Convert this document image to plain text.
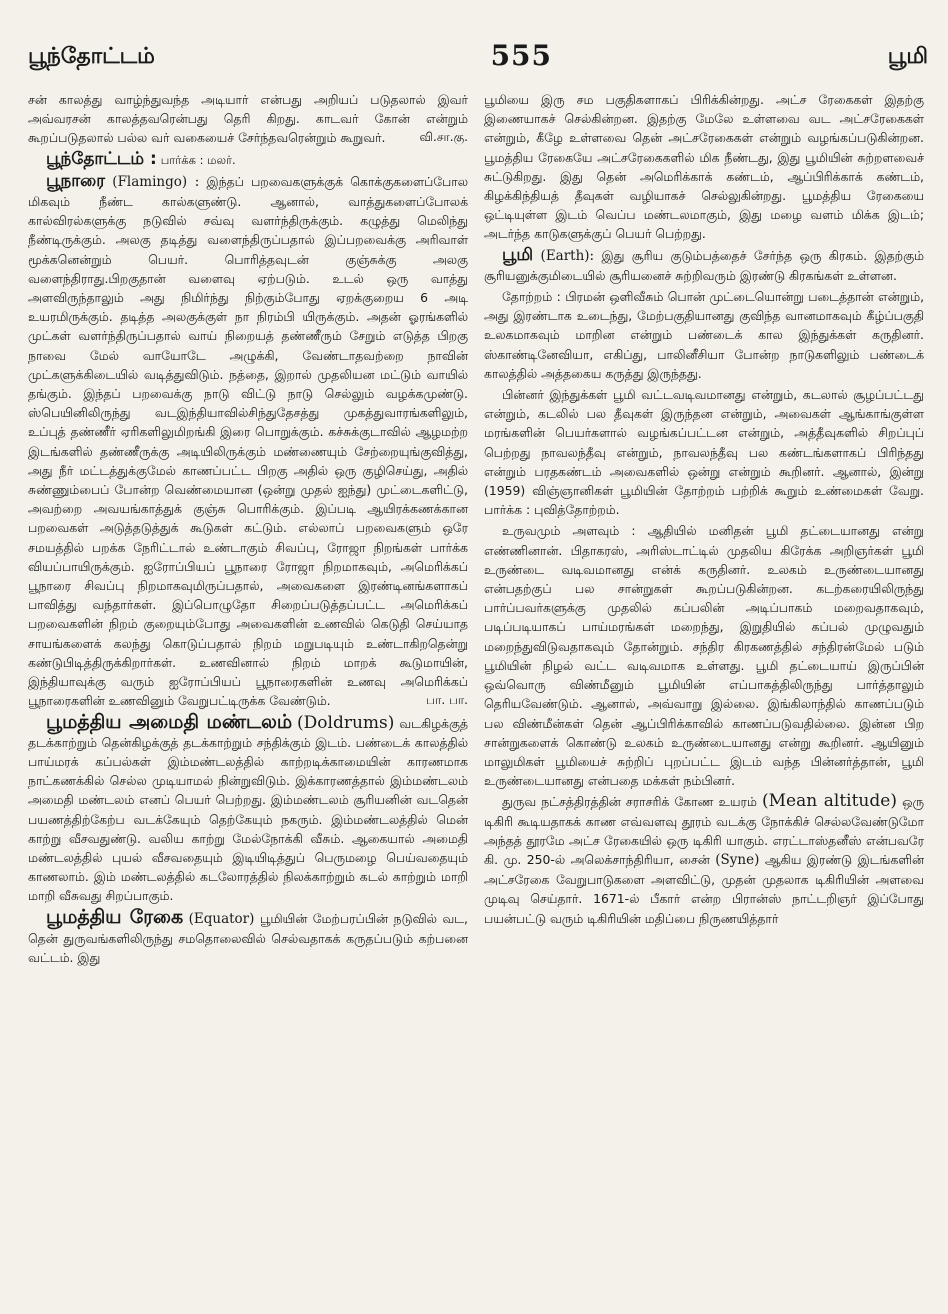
பூந்தோட்டம்	555	பூமி

சன் காலத்து வாழ்ந்துவந்த அடியார் என்பது அறியப் படுதலால் இவர் அவ்வரசன் காலத்தவரென்பது தெரி கிறது. காடவர் கோன் என்றும் கூறப்படுதலால் பல்ல வர் வகையைச் சேர்ந்தவரென்றும் கூறுவர்.	வி.சா.கு.

பூந்தோட்டம் : பார்க்க : மலர்.

பூநாரை (Flamingo) : இந்தப் பறவைகளுக்குக் கொக்குகளைப்போல மிகவும் நீண்ட கால்களுண்டு. ஆனால், வாத்துகளைப்போலக் கால்விரல்களுக்கு நடுவில் சவ்வு வளர்ந்திருக்கும். கழுத்து மெலிந்து நீண்டிருக்கும். அலகு தடித்து வளைந்திருப்பதால் இப்பறவைக்கு அரிவாள் மூக்கனென்றும் பெயர். பொரித்தவுடன் குஞ்சுக்கு அலகு வளைந்திராது.பிறகுதான் வளைவு ஏற்படும். உடல் ஒரு வாத்து அளவிருந்தாலும் அது நிமிர்ந்து நிற்கும்போது ஏறக்குறைய 6 அடி உயரமிருக்கும். தடித்த அலகுக்குள் நா நிரம்பி யிருக்கும். அதன் ஓரங்களில் முட்கள் வளர்ந்திருப்பதால் வாய் நிறையத் தண்ணீரும் சேறும் எடுத்த பிறகு நாவை மேல் வாயோடே அழுக்கி, வேண்டாதவற்றை நாவின் முட்களுக்கிடையில் வடித்துவிடும். நத்தை, இறால் முதலியன மட்டும் வாயில் தங்கும். இந்தப் பறவைக்கு நாடு விட்டு நாடு செல்லும் வழக்கமுண்டு. ஸ்பெயினிலிருந்து வடஇந்தியாவில்சிந்துதேசத்து முகத்துவாரங்களிலும், உப்புத் தண்ணீர் ஏரிகளிலுமிறங்கி இரை பொறுக்கும். கச்சுக்குடாவில் ஆழமற்ற இடங்களில் தண்ணீருக்கு அடியிலிருக்கும் மண்ணையும் சேற்றையுங்குவித்து, அது நீர் மட்டத்துக்குமேல் காணப்பட்ட பிறகு அதில் ஒரு குழிசெய்து, அதில் சுண்ணும்பைப் போன்ற வெண்மையான (ஒன்று முதல் ஐந்து) முட்டைகளிட்டு, அவற்றை அவயங்காத்துக் குஞ்சு பொரிக்கும். இப்படி ஆயிரக்கணக்கான பறவைகள் அடுத்தடுத்துக் கூடுகள் கட்டும். எல்லாப் பறவைகளும் ஒரே சமயத்தில் பறக்க நேரிட்டால் உண்டாகும் சிவப்பு, ரோஜா நிறங்கள் பார்க்க வியப்பாயிருக்கும். ஐரோப்பியப் பூநாரை ரோஜா நிறமாகவும், அமெரிக்கப் பூநாரை சிவப்பு நிறமாகவுமிருப்பதால், அவைகளை இரண்டினங்களாகப் பாவித்து வந்தார்கள். இப்பொழுதோ சிறைப்படுத்தப்பட்ட அமெரிக்கப் பறவைகளின் நிறம் குறையும்போது அவைகளின் உணவில் கெடுதி செய்யாத சாயங்களைக் கலந்து கொடுப்பதால் நிறம் மறுபடியும் உண்டாகிறதென்று கண்டுபிடித்திருக்கிறார்கள். உணவினால் நிறம் மாறக் கூடுமாயின், இந்தியாவுக்கு வரும் ஐரோப்பியப் பூநாரைகளின் உணவு அமெரிக்கப் பூநாரைகளின் உணவினும் வேறுபட்டிருக்க வேண்டும்.	பா. பா.

பூமத்திய அமைதி மண்டலம் (Doldrums) வடகிழக்குத் தடக்காற்றும் தென்கிழக்குத் தடக்காற்றும் சந்திக்கும் இடம். பண்டைக் காலத்தில் பாய்மரக் கப்பல்கள் இம்மண்டலத்தில் காற்றடிக்காமையின் காரணமாக நாட்கணக்கில் செல்ல முடியாமல் நின்றுவிடும். இக்காரணத்தால் இம்மண்டலம் அமைதி மண்டலம் எனப் பெயர் பெற்றது. இம்மண்டலம் சூரியனின் வடதென் பயணத்திற்கேற்ப வடக்கேயும் தெற்கேயும் நகரும். இம்மண்டலத்தில் மென் காற்று வீசவதுண்டு. வலிய காற்று மேல்நோக்கி வீசும். ஆகையால் அமைதி மண்டலத்தில் புயல் வீசவதையும் இடியிடித்துப் பெருமழை பெய்வதையும் காணலாம். இம் மண்டலத்தில் கடலோரத்தில் நிலக்காற்றும் கடல் காற்றும் மாறி மாறி வீசுவது சிறப்பாகும்.

பூமத்திய ரேகை (Equator) பூமியின் மேற்பரப்பின் நடுவில் வட, தென் துருவங்களிலிருந்து சமதொலைவில் செல்வதாகக் கருதப்படும் கற்பனை வட்டம். இது

பூமியை இரு சம பகுதிகளாகப் பிரிக்கின்றது. அட்ச ரேகைகள் இதற்கு இணையாகச் செல்கின்றன. இதற்கு மேலே உள்ளவை வட அட்சரேகைகள் என்றும், கீழே உள்ளவை தென் அட்சரேகைகள் என்றும் வழங்கப்படுகின்றன. பூமத்திய ரேகையே அட்சரேகைகளில் மிக நீண்டது, இது பூமியின் சுற்றளவைச் சுட்டுகிறது. இது தென் அமெரிக்காக் கண்டம், ஆப்பிரிக்காக் கண்டம், கிழக்கிந்தியத் தீவுகள் வழியாகச் செல்லுகின்றது. பூமத்திய ரேகையை ஒட்டியுள்ள இடம் வெப்ப மண்டலமாகும், இது மழை வளம் மிக்க இடம்; அடர்ந்த காடுகளுக்குப் பெயர் பெற்றது.

பூமி (Earth): இது சூரிய குடும்பத்தைச் சேர்ந்த ஒரு கிரகம். இதற்கும் சூரியனுக்குமிடையில் சூரியனைச் சுற்றிவரும் இரண்டு கிரகங்கள் உள்ளன.

தோற்றம் : பிரமன் ஒளிவீசும் பொன் முட்டையொன்று படைத்தான் என்றும், அது இரண்டாக உடைந்து, மேற்பகுதியானது குவிந்த வானமாகவும் கீழ்ப்பகுதி உலகமாகவும் மாறின என்றும் பண்டைக் கால இந்துக்கள் கருதினர். ஸ்காண்டினேவியா, எகிப்து, பாலினீசியா போன்ற நாடுகளிலும் பண்டைக் காலத்தில் அத்தகைய கருத்து இருந்தது.

பின்னர் இந்துக்கள் பூமி வட்டவடிவமானது என்றும், கடலால் சூழப்பட்டது என்றும், கடலில் பல தீவுகள் இருந்தன என்றும், அவைகள் ஆங்காங்குள்ள மரங்களின் பெயர்களால் வழங்கப்பட்டன என்றும், அத்தீவுகளில் சிறப்புப் பெற்றது நாவலந்தீவு என்றும், நாவலந்தீவு பல கண்டங்களாகப் பிரிந்தது என்றும் பரதகண்டம் அவைகளில் ஒன்று என்றும் கூறினர். ஆனால், இன்று (1959) விஞ்ஞானிகள் பூமியின் தோற்றம் பற்றிக் கூறும் உண்மைகள் வேறு. பார்க்க : புவித்தோற்றம்.

உருவமும் அளவும் : ஆதியில் மனிதன் பூமி தட்டையானது என்று எண்ணினான். பிதாகரஸ், அரிஸ்டாட்டில் முதலிய கிரேக்க அறிஞர்கள் பூமி உருண்டை வடிவமானது என்க் கருதினர். உலகம் உருண்டையானது என்பதற்குப் பல சான்றுகள் கூறப்படுகின்றன. கடற்கரையிலிருந்து பார்ப்பவர்களுக்கு முதலில் கப்பலின் அடிப்பாகம் மறைவதாகவும், படிப்படியாகப் பாய்மரங்கள் மறைந்து, இறுதியில் கப்பல் முழுவதும் மறைந்துவிடுவதாகவும் தோன்றும். சந்திர கிரகணத்தில் சந்திரன்மேல் படும் பூமியின் நிழல் வட்ட வடிவமாக உள்ளது. பூமி தட்டையாய் இருப்பின் ஒவ்வொரு விண்மீனும் பூமியின் எப்பாகத்திலிருந்து பார்த்தாலும் தெரியவேண்டும். ஆனால், அவ்வாறு இல்லை. இங்கிலாந்தில் காணப்படும் பல விண்மீன்கள் தென் ஆப்பிரிக்காவில் காணப்படுவதில்லை. இன்ன பிற சான்றுகளைக் கொண்டு உலகம் உருண்டையானது என்று கூறினர். ஆயினும் மாலுமிகள் பூமியைச் சுற்றிப் புறப்பட்ட இடம் வந்த பின்னர்த்தான், பூமி உருண்டையானது என்பதை மக்கள் நம்பினர்.

துருவ நட்சத்திரத்தின் சராசரிக் கோண உயரம் (Mean altitude) ஒரு டிகிரி கூடியதாகக் காண எவ்வளவு தூரம் வடக்கு நோக்கிச் செல்லவேண்டுமோ அந்தத் தூரமே அட்ச ரேகையில் ஒரு டிகிரி யாகும். எரட்டாஸ்தனீஸ் என்பவரே கி. மு. 250-ல் அலெக்சாந்திரியா, சைன் (Syne) ஆகிய இரண்டு இடங்களின் அட்சரேகை வேறுபாடுகளை அளவிட்டு, முதன் முதலாக டிகிரியின் அளவை முடிவு செய்தார். 1671-ல் பீகார் என்ற பிரான்ஸ் நாட்டறிஞர் இப்போது பயன்பட்டு வரும் டிகிரியின் மதிப்பை நிருணயித்தார்
